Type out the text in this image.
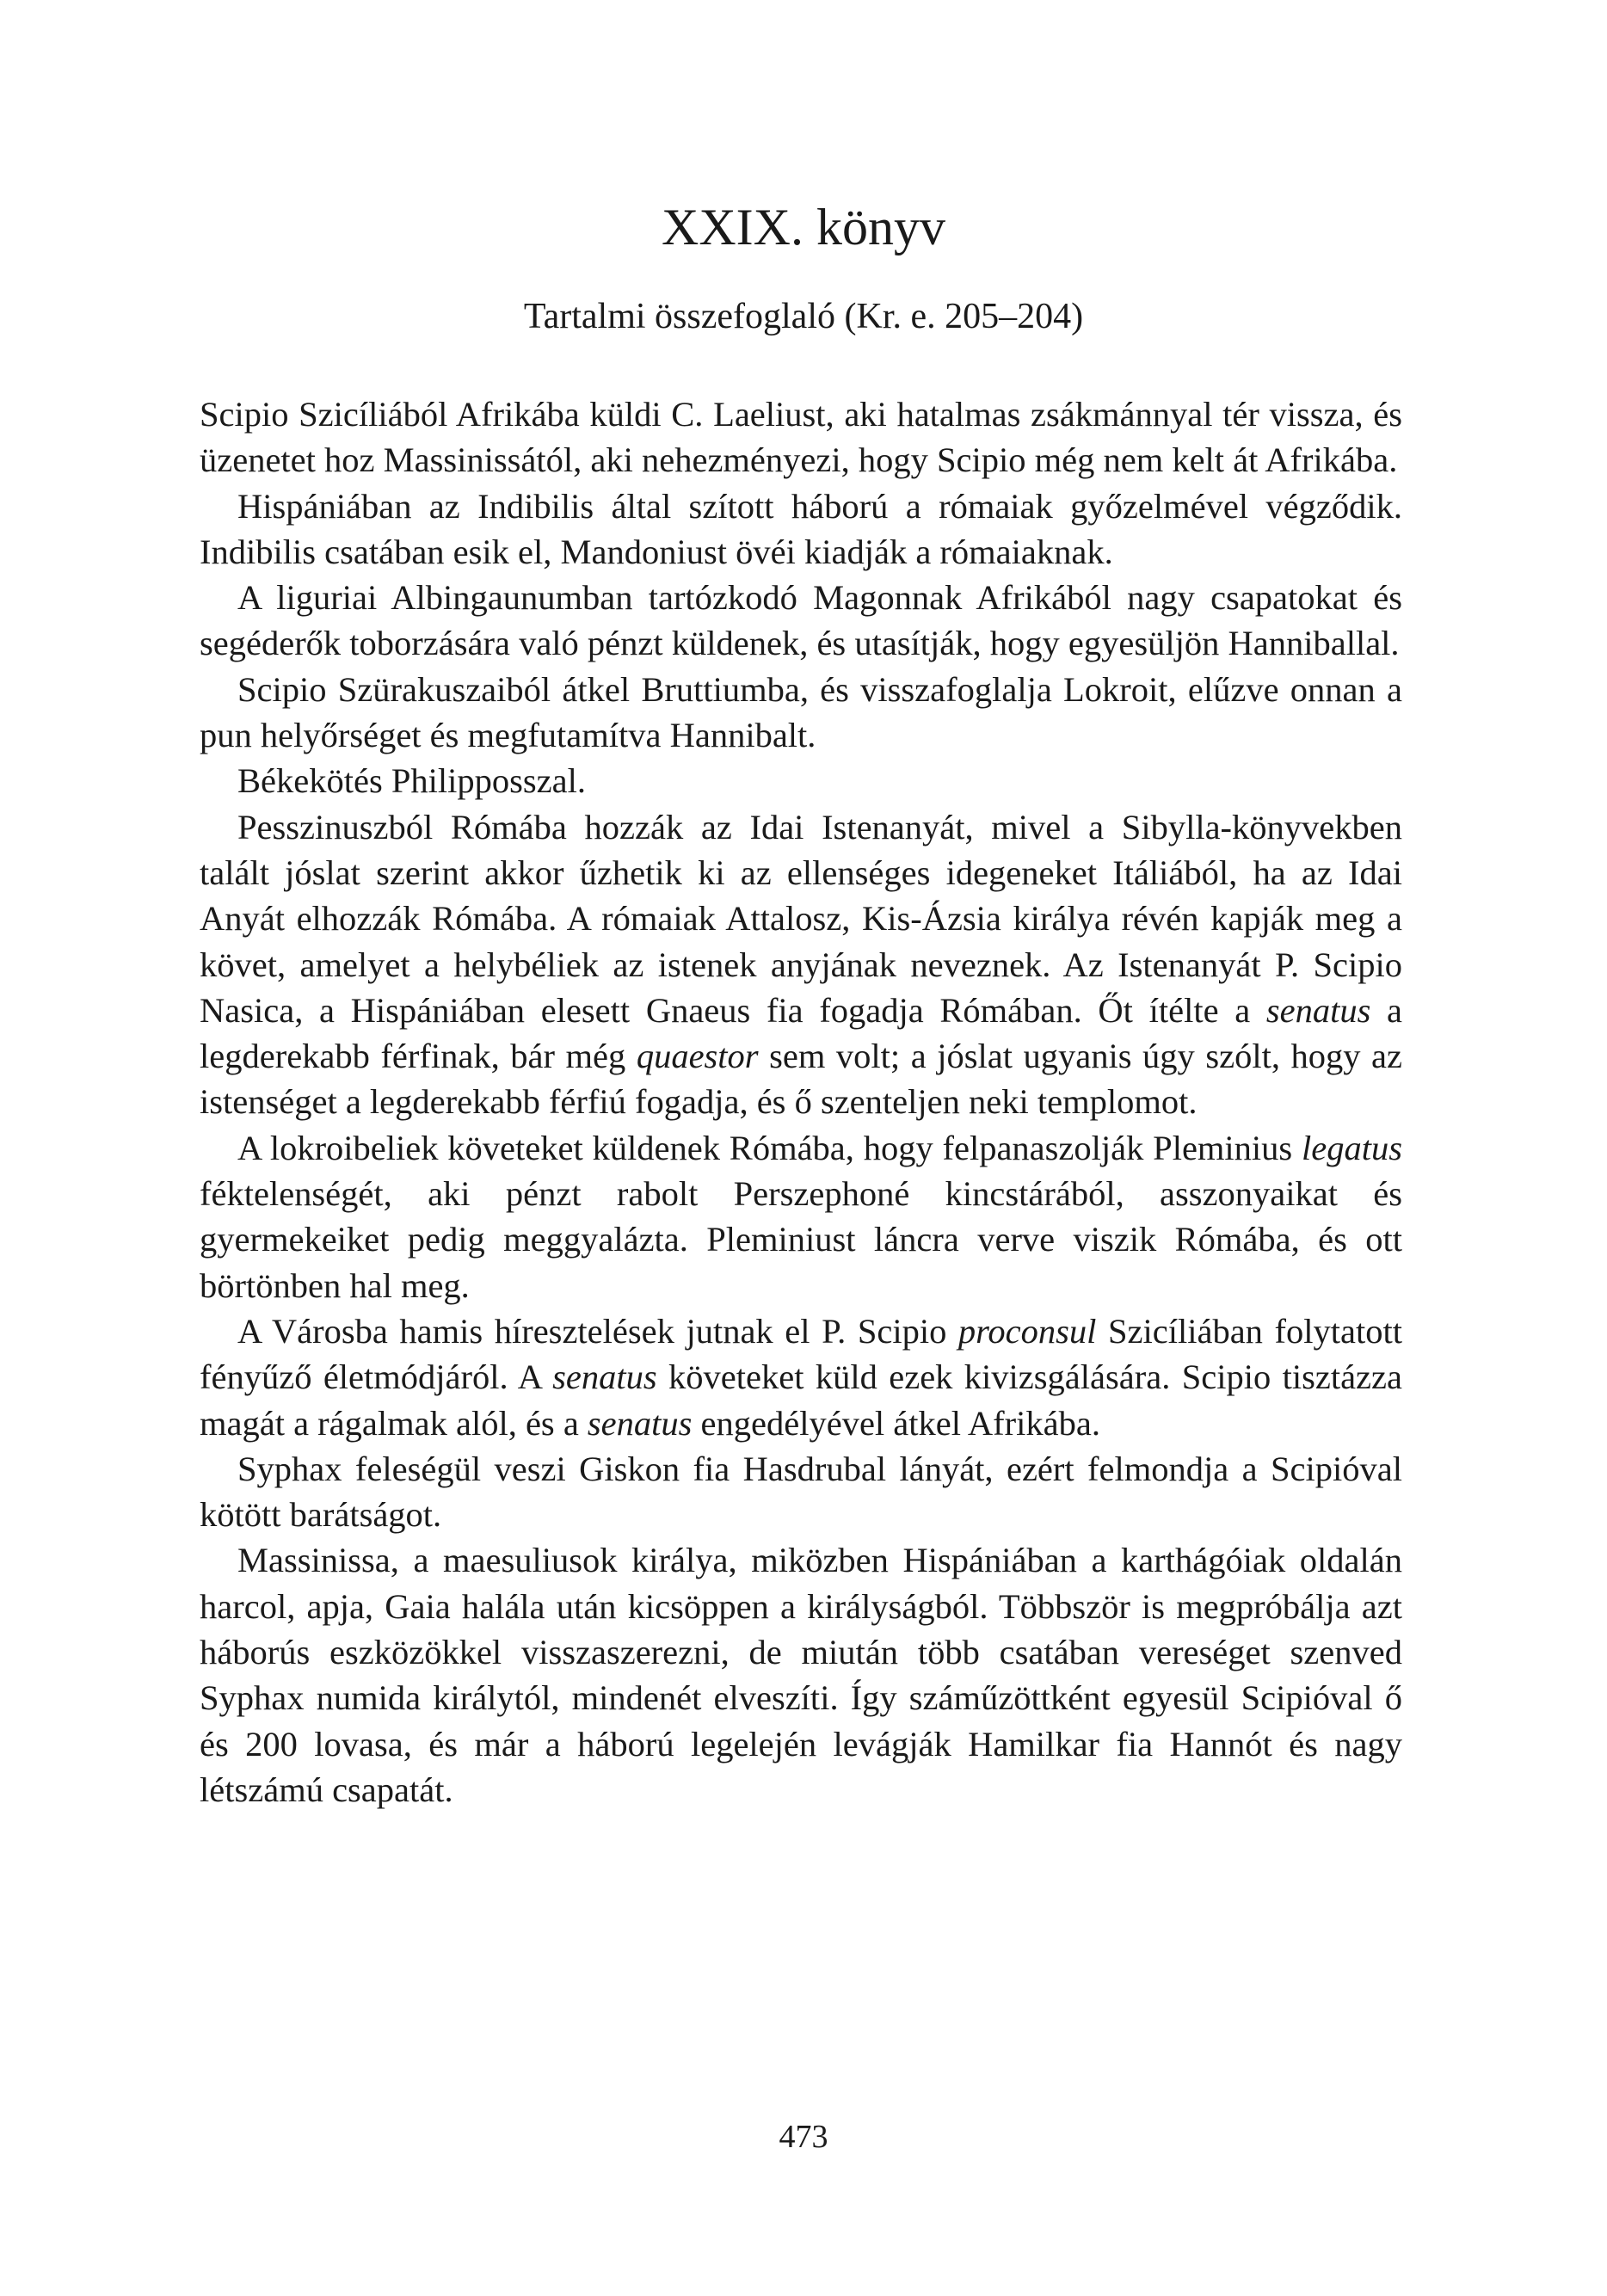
XXIX. könyv
Tartalmi összefoglaló (Kr. e. 205–204)

Scipio Szicíliából Afrikába küldi C. Laeliust, aki hatalmas zsákmánnyal tér vissza, és üzenetet hoz Massinissától, aki nehezményezi, hogy Scipio még nem kelt át Afrikába.

Hispániában az Indibilis által szított háború a rómaiak győzelmével végződik. Indibilis csatában esik el, Mandoniust övéi kiadják a rómaiaknak.

A liguriai Albingaunumban tartózkodó Magonnak Afrikából nagy csapatokat és segéderők toborzására való pénzt küldenek, és utasítják, hogy egyesüljön Hanniballal.

Scipio Szürakuszaiból átkel Bruttiumba, és visszafoglalja Lokroit, elűzve onnan a pun helyőrséget és megfutamítva Hannibalt.

Békekötés Philipposszal.

Pesszinuszból Rómába hozzák az Idai Istenanyát, mivel a Sibylla-könyvekben talált jóslat szerint akkor űzhetik ki az ellenséges idegeneket Itáliából, ha az Idai Anyát elhozzák Rómába. A rómaiak Attalosz, Kis-Ázsia királya révén kapják meg a követ, amelyet a helybéliek az istenek anyjának neveznek. Az Istenanyát P. Scipio Nasica, a Hispániában elesett Gnaeus fia fogadja Rómában. Őt ítélte a senatus a legderekabb férfinak, bár még quaestor sem volt; a jóslat ugyanis úgy szólt, hogy az istenséget a legderekabb férfiú fogadja, és ő szenteljen neki templomot.

A lokroibeliek követeket küldenek Rómába, hogy felpanaszolják Pleminius legatus féktelenségét, aki pénzt rabolt Perszephoné kincstárából, asszonyaikat és gyermekeiket pedig meggyalázta. Pleminiust láncra verve viszik Rómába, és ott börtönben hal meg.

A Városba hamis híresztelések jutnak el P. Scipio proconsul Szicíliában folytatott fényűző életmódjáról. A senatus követeket küld ezek kivizsgálására. Scipio tisztázza magát a rágalmak alól, és a senatus engedélyével átkel Afrikába.

Syphax feleségül veszi Giskon fia Hasdrubal lányát, ezért felmondja a Scipióval kötött barátságot.

Massinissa, a maesuliusok királya, miközben Hispániában a karthágóiak oldalán harcol, apja, Gaia halála után kicsöppen a királyságból. Többször is megpróbálja azt háborús eszközökkel visszaszerezni, de miután több csatában vereséget szenved Syphax numida királytól, mindenét elveszíti. Így száműzöttként egyesül Scipióval ő és 200 lovasa, és már a háború legelején levágják Hamilkar fia Hannót és nagy létszámú csapatát.

473
